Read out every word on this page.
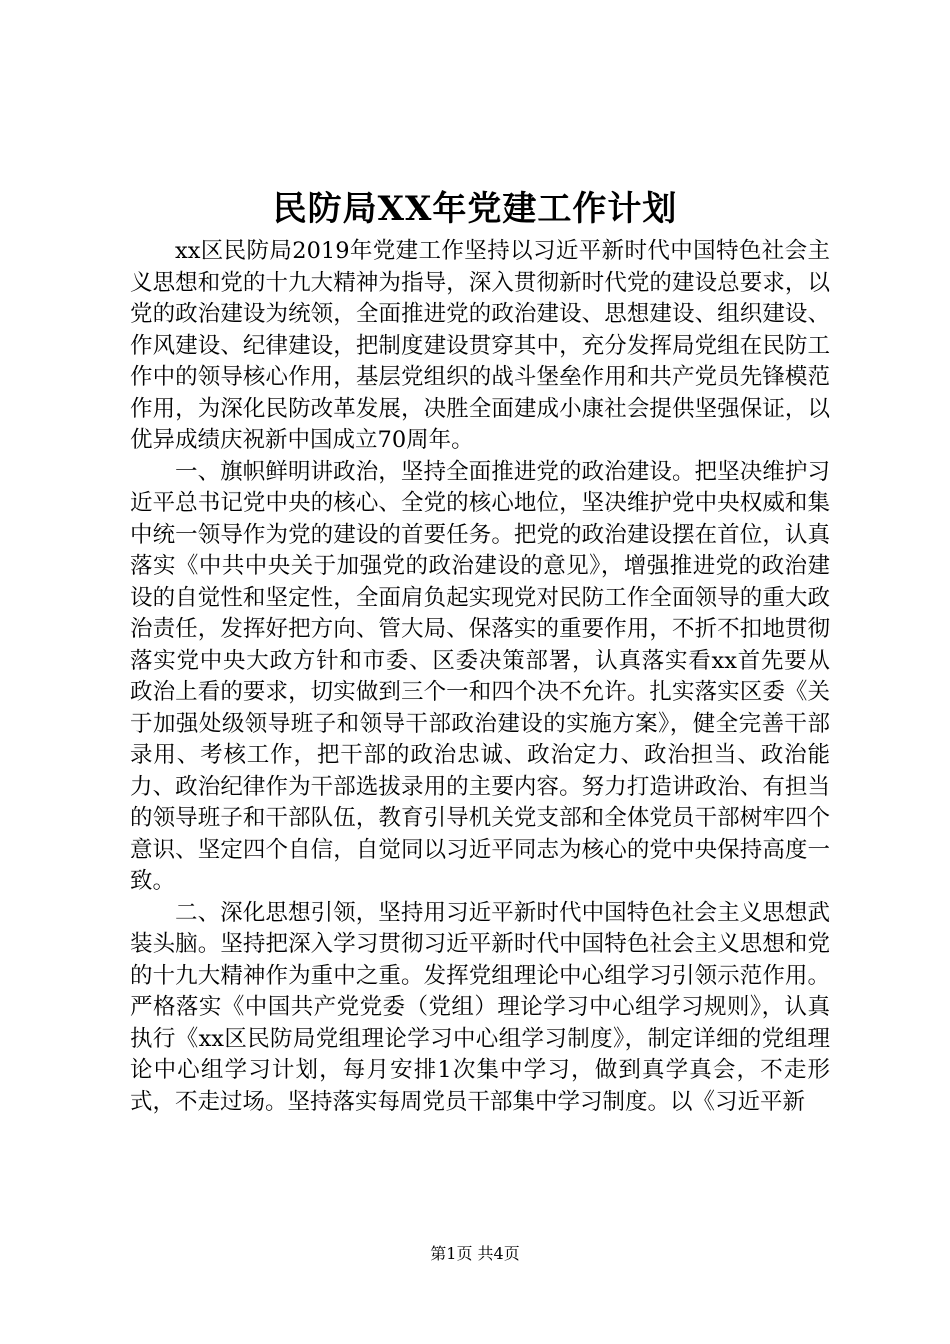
民防局XX年党建工作计划

xx区民防局2019年党建工作坚持以习近平新时代中国特色社会主义思想和党的十九大精神为指导，深入贯彻新时代党的建设总要求，以党的政治建设为统领，全面推进党的政治建设、思想建设、组织建设、作风建设、纪律建设，把制度建设贯穿其中，充分发挥局党组在民防工作中的领导核心作用，基层党组织的战斗堡垒作用和共产党员先锋模范作用，为深化民防改革发展，决胜全面建成小康社会提供坚强保证，以优异成绩庆祝新中国成立70周年。

一、旗帜鲜明讲政治，坚持全面推进党的政治建设。把坚决维护习近平总书记党中央的核心、全党的核心地位，坚决维护党中央权威和集中统一领导作为党的建设的首要任务。把党的政治建设摆在首位，认真落实《中共中央关于加强党的政治建设的意见》，增强推进党的政治建设的自觉性和坚定性，全面肩负起实现党对民防工作全面领导的重大政治责任，发挥好把方向、管大局、保落实的重要作用，不折不扣地贯彻落实党中央大政方针和市委、区委决策部署，认真落实看xx首先要从政治上看的要求，切实做到三个一和四个决不允许。扎实落实区委《关于加强处级领导班子和领导干部政治建设的实施方案》，健全完善干部录用、考核工作，把干部的政治忠诚、政治定力、政治担当、政治能力、政治纪律作为干部选拔录用的主要内容。努力打造讲政治、有担当的领导班子和干部队伍，教育引导机关党支部和全体党员干部树牢四个意识、坚定四个自信，自觉同以习近平同志为核心的党中央保持高度一致。

二、深化思想引领，坚持用习近平新时代中国特色社会主义思想武装头脑。坚持把深入学习贯彻习近平新时代中国特色社会主义思想和党的十九大精神作为重中之重。发挥党组理论中心组学习引领示范作用。严格落实《中国共产党党委（党组）理论学习中心组学习规则》，认真执行《xx区民防局党组理论学习中心组学习制度》，制定详细的党组理论中心组学习计划，每月安排1次集中学习，做到真学真会，不走形式，不走过场。坚持落实每周党员干部集中学习制度。以《习近平新

第1页 共4页
